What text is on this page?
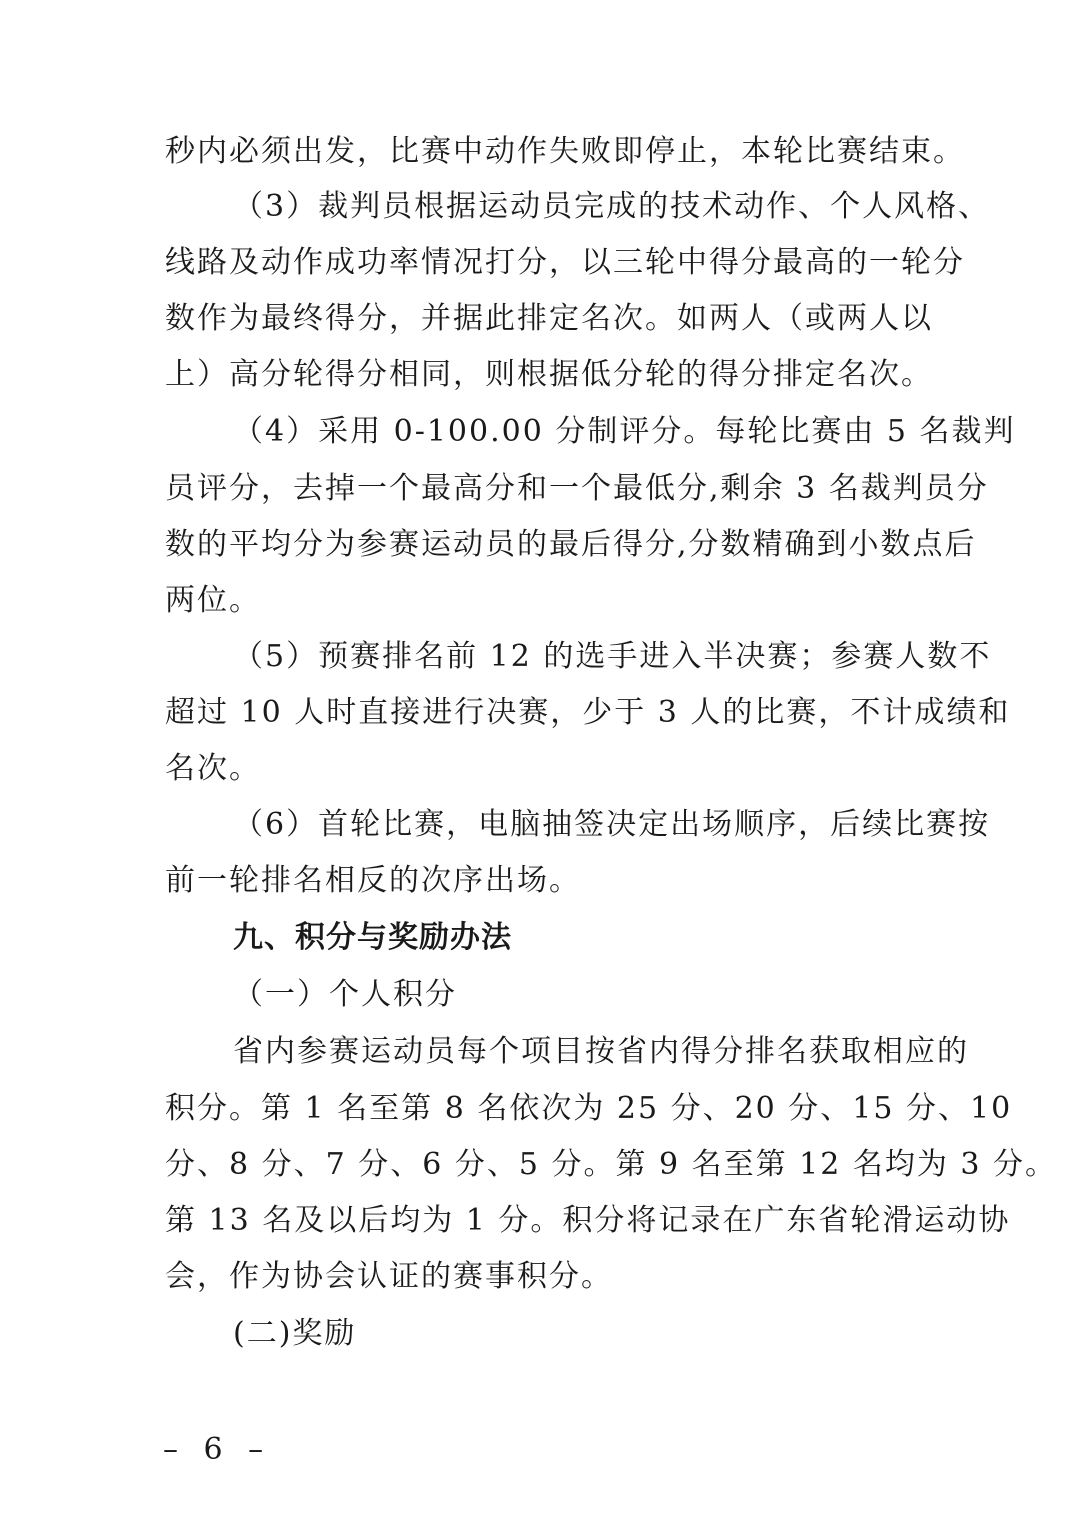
秒内必须出发，比赛中动作失败即停止，本轮比赛结束。
（3）裁判员根据运动员完成的技术动作、个人风格、
线路及动作成功率情况打分，以三轮中得分最高的一轮分
数作为最终得分，并据此排定名次。如两人（或两人以
上）高分轮得分相同，则根据低分轮的得分排定名次。
（4）采用 0-100.00 分制评分。每轮比赛由 5 名裁判
员评分，去掉一个最高分和一个最低分,剩余 3 名裁判员分
数的平均分为参赛运动员的最后得分,分数精确到小数点后
两位。
（5）预赛排名前 12 的选手进入半决赛；参赛人数不
超过 10 人时直接进行决赛，少于 3 人的比赛，不计成绩和
名次。
（6）首轮比赛，电脑抽签决定出场顺序，后续比赛按
前一轮排名相反的次序出场。
九、积分与奖励办法
（一）个人积分
省内参赛运动员每个项目按省内得分排名获取相应的
积分。第 1 名至第 8 名依次为 25 分、20 分、15 分、10
分、8 分、7 分、6 分、5 分。第 9 名至第 12 名均为 3 分。
第 13 名及以后均为 1 分。积分将记录在广东省轮滑运动协
会，作为协会认证的赛事积分。
(二)奖励
– 6 –
